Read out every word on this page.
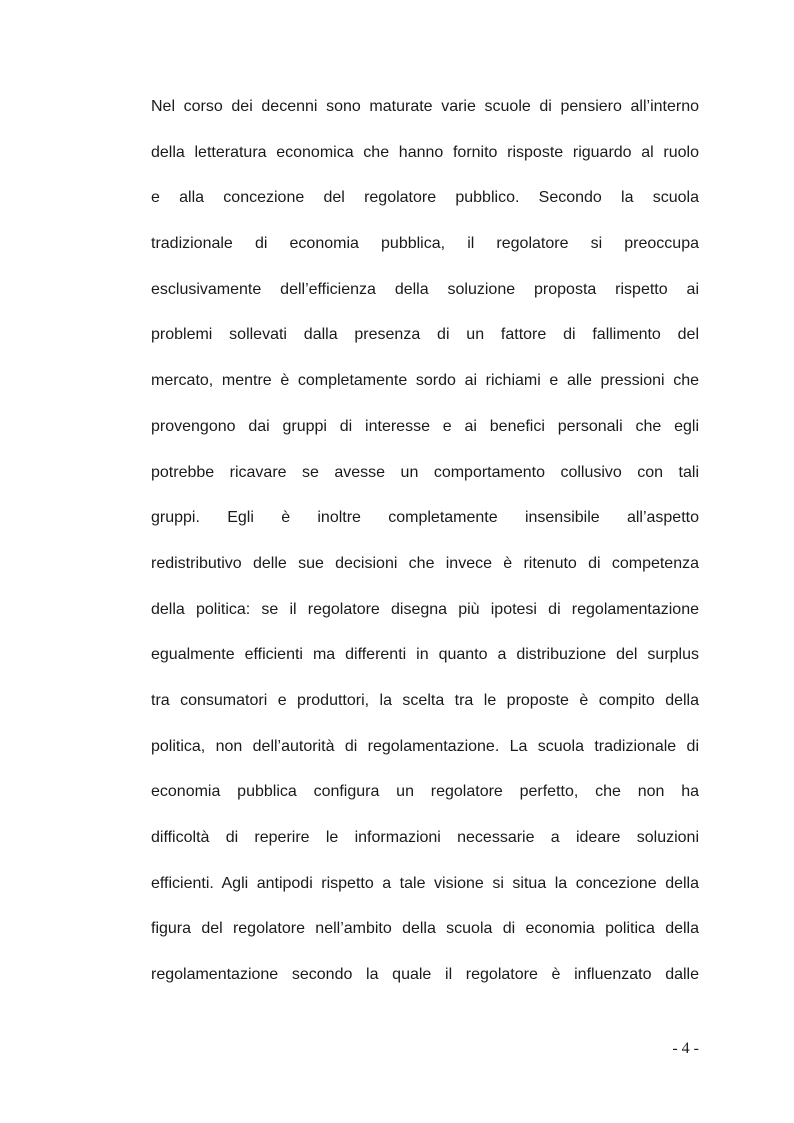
Nel corso dei decenni sono maturate varie scuole di pensiero all’interno
della letteratura economica che hanno fornito risposte riguardo al ruolo
e alla concezione del regolatore pubblico. Secondo la scuola
tradizionale di economia pubblica, il regolatore si preoccupa
esclusivamente dell’efficienza della soluzione proposta rispetto ai
problemi sollevati dalla presenza di un fattore di fallimento del
mercato, mentre è completamente sordo ai richiami e alle pressioni che
provengono dai gruppi di interesse e ai benefici personali che egli
potrebbe ricavare se avesse un comportamento collusivo con tali
gruppi. Egli è inoltre completamente insensibile all’aspetto
redistributivo delle sue decisioni che invece è ritenuto di competenza
della politica: se il regolatore disegna più ipotesi di regolamentazione
egualmente efficienti ma differenti in quanto a distribuzione del surplus
tra consumatori e produttori, la scelta tra le proposte è compito della
politica, non dell’autorità di regolamentazione. La scuola tradizionale di
economia pubblica configura un regolatore perfetto, che non ha
difficoltà di reperire le informazioni necessarie a ideare soluzioni
efficienti. Agli antipodi rispetto a tale visione si situa la concezione della
figura del regolatore nell’ambito della scuola di economia politica della
regolamentazione secondo la quale il regolatore è influenzato dalle
- 4 -
